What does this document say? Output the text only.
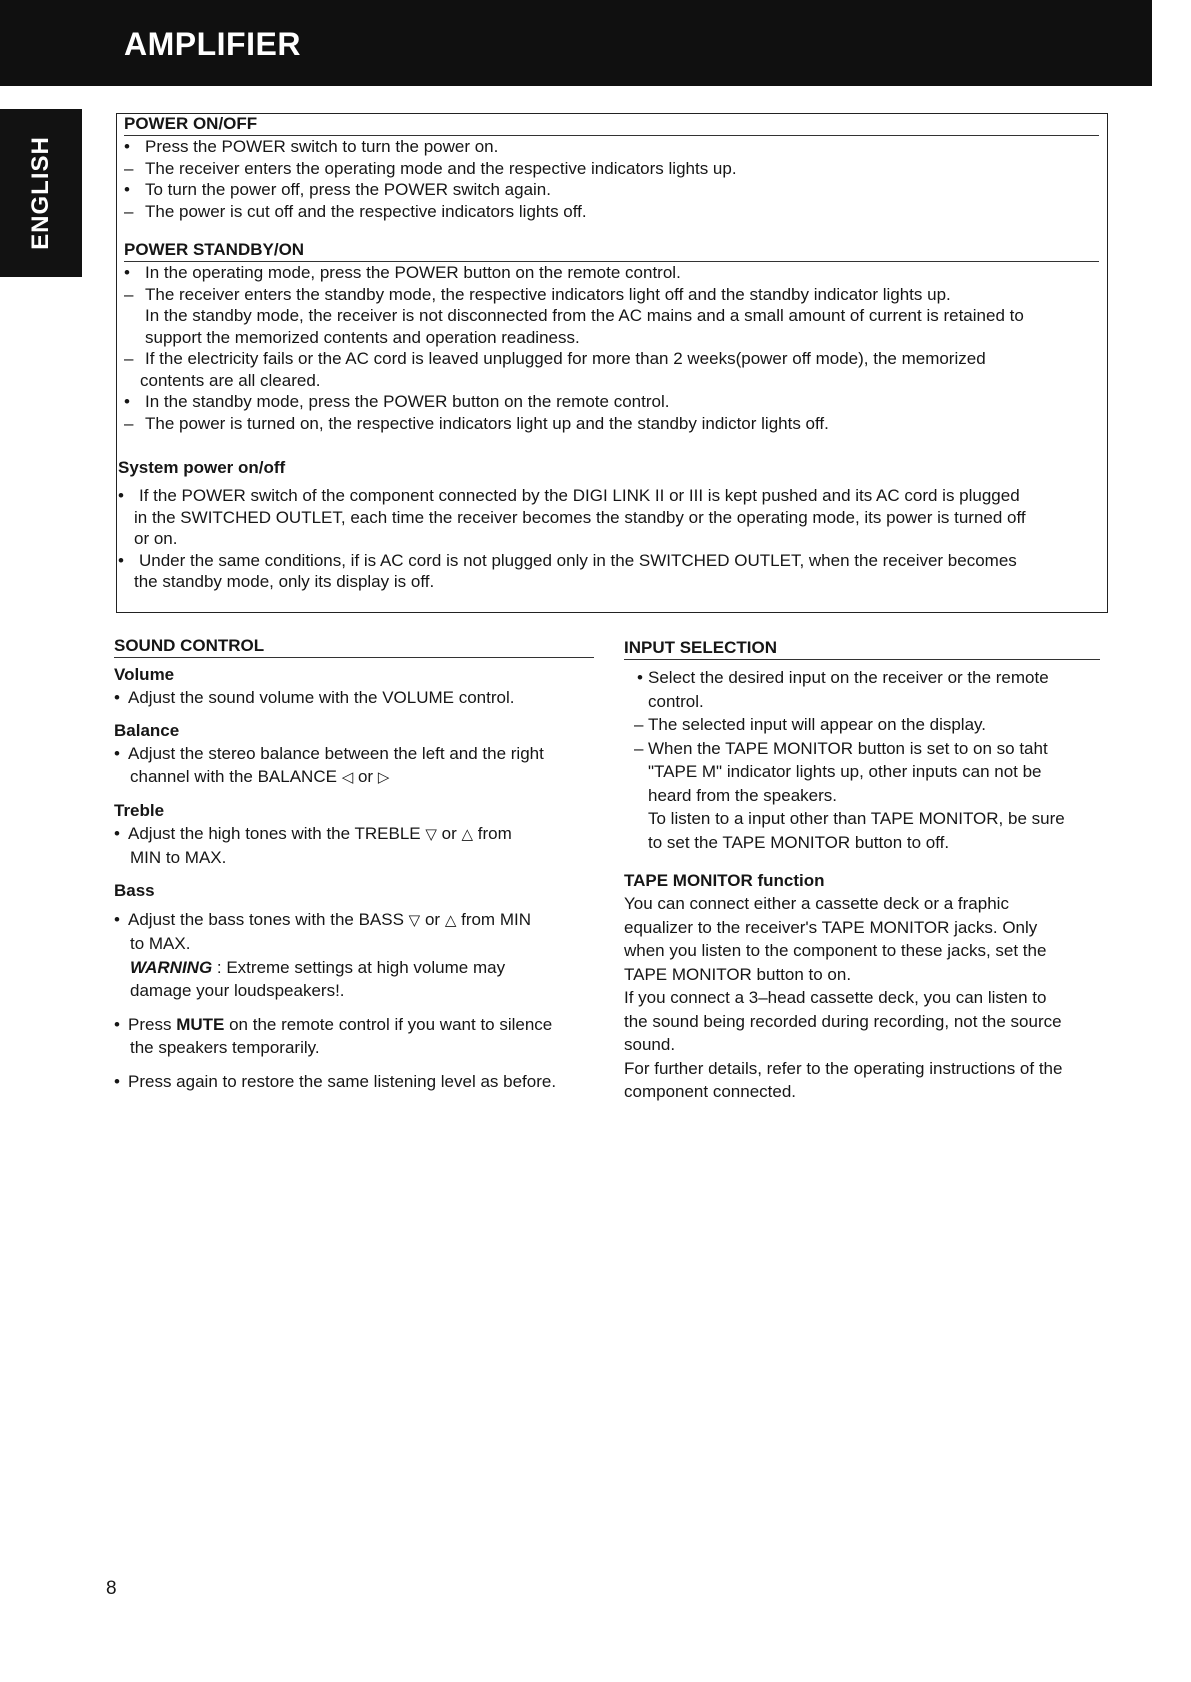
AMPLIFIER
ENGLISH
POWER ON/OFF
• Press the POWER switch to turn the power on.
– The receiver enters the operating mode and the respective indicators lights up.
• To turn the power off, press the POWER switch again.
– The power is cut off and the respective indicators lights off.
POWER STANDBY/ON
• In the operating mode, press the POWER button on the remote control.
– The receiver enters the standby mode, the respective indicators light off and the standby indicator lights up.
In the standby mode, the receiver is not disconnected from the AC mains and a small amount of current is retained to
support the memorized contents and operation readiness.
– If the electricity fails or the AC cord is leaved unplugged for more than 2 weeks(power off mode), the memorized
contents are all cleared.
• In the standby mode, press the POWER button on the remote control.
– The power is turned on, the respective indicators light up and the standby indictor lights off.
System power on/off
• If the POWER switch of the component connected by the DIGI LINK II or III is kept pushed and its AC cord is plugged
in the SWITCHED OUTLET, each time the receiver becomes the standby or the operating mode, its power is turned off
or on.
• Under the same conditions, if is AC cord is not plugged only in the SWITCHED OUTLET, when the receiver becomes
the standby mode, only its display is off.
SOUND CONTROL
Volume
• Adjust the sound volume with the VOLUME control.
Balance
• Adjust the stereo balance between the left and the right
channel with the BALANCE ◁ or ▷
Treble
• Adjust the high tones with the TREBLE ▽ or △ from
MIN to MAX.
Bass
• Adjust the bass tones with the BASS ▽ or △ from MIN
to MAX.
WARNING : Extreme settings at high volume may
damage your loudspeakers!.
• Press MUTE on the remote control if you want to silence
the speakers temporarily.
• Press again to restore the same listening level as before.
INPUT SELECTION
• Select the desired input on the receiver or the remote
control.
– The selected input will appear on the display.
– When the TAPE MONITOR button is set to on so taht
"TAPE M" indicator lights up, other inputs can not be
heard from the speakers.
To listen to a input other than TAPE MONITOR, be sure
to set the TAPE MONITOR button to off.
TAPE MONITOR function
You can connect either a cassette deck or a fraphic
equalizer to the receiver's TAPE MONITOR jacks. Only
when you listen to the component to these jacks, set the
TAPE MONITOR button to on.
If you connect a 3–head cassette deck, you can listen to
the sound being recorded during recording, not the source
sound.
For further details, refer to the operating instructions of the
component connected.
8
